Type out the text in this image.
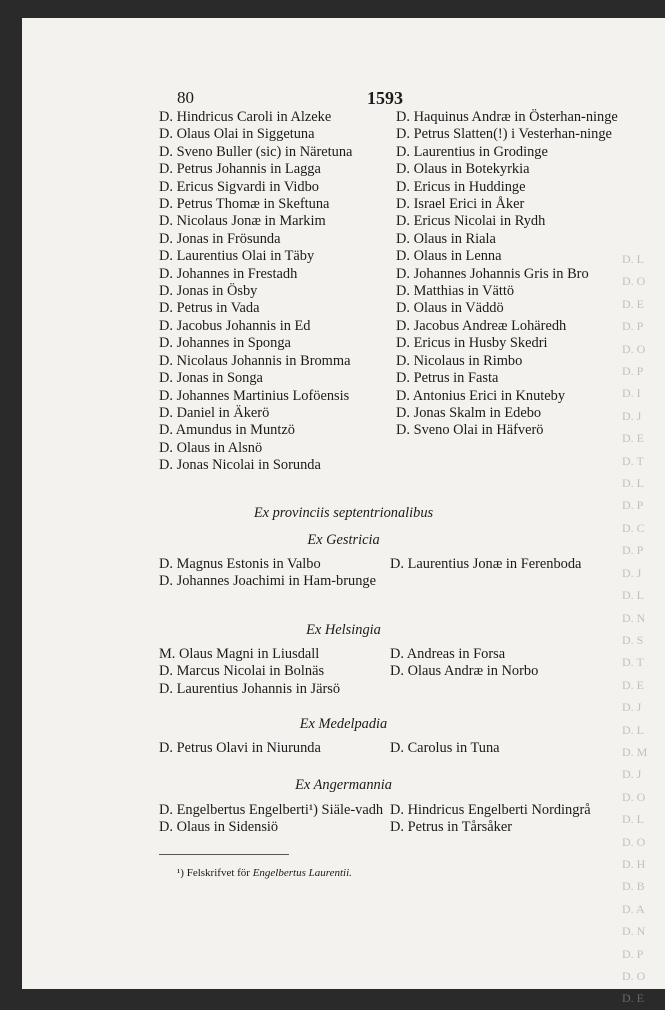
D. L
D. O
D. E
D. P
D. O
D. P
D. I
D. J
D. E
D. T
D. L
D. P
D. C
D. P
D. J
D. L
D. N
D. S
D. T
D. E
D. J
D. L
D. M
D. J
D. O
D. L
D. O
D. H
D. B
D. A
D. N
D. P
D. O
D. E
80	1593
D. Hindricus Caroli in Alzeke
D. Olaus Olai in Siggetuna
D. Sveno Buller (sic) in Näretuna
D. Petrus Johannis in Lagga
D. Ericus Sigvardi in Vidbo
D. Petrus Thomæ in Skeftuna
D. Nicolaus Jonæ in Markim
D. Jonas in Frösunda
D. Laurentius Olai in Täby
D. Johannes in Frestadh
D. Jonas in Ösby
D. Petrus in Vada
D. Jacobus Johannis in Ed
D. Johannes in Sponga
D. Nicolaus Johannis in Bromma
D. Jonas in Songa
D. Johannes Martinius Loföensis
D. Daniel in Äkerö
D. Amundus in Muntzö
D. Olaus in Alsnö
D. Jonas Nicolai in Sorunda
D. Haquinus Andræ in Österhan-ninge
D. Petrus Slatten(!) i Vesterhan-ninge
D. Laurentius in Grodinge
D. Olaus in Botekyrkia
D. Ericus in Huddinge
D. Israel Erici in Åker
D. Ericus Nicolai in Rydh
D. Olaus in Riala
D. Olaus in Lenna
D. Johannes Johannis Gris in Bro
D. Matthias in Vättö
D. Olaus in Väddö
D. Jacobus Andreæ Lohäredh
D. Ericus in Husby Skedri
D. Nicolaus in Rimbo
D. Petrus in Fasta
D. Antonius Erici in Knuteby
D. Jonas Skalm in Edebo
D. Sveno Olai in Häfverö
Ex provinciis septentrionalibus
Ex Gestricia
D. Magnus Estonis in Valbo
D. Johannes Joachimi in Ham-brunge
D. Laurentius Jonæ in Ferenboda
Ex Helsingia
M. Olaus Magni in Liusdall
D. Marcus Nicolai in Bolnäs
D. Laurentius Johannis in Järsö
D. Andreas in Forsa
D. Olaus Andræ in Norbo
Ex Medelpadia
D. Petrus Olavi in Niurunda	D. Carolus in Tuna
Ex Angermannia
D. Engelbertus Engelberti¹) Siäle-vadh
D. Olaus in Sidensiö
D. Hindricus Engelberti Nordingrå
D. Petrus in Tårsåker
¹) Felskrifvet för Engelbertus Laurentii.
